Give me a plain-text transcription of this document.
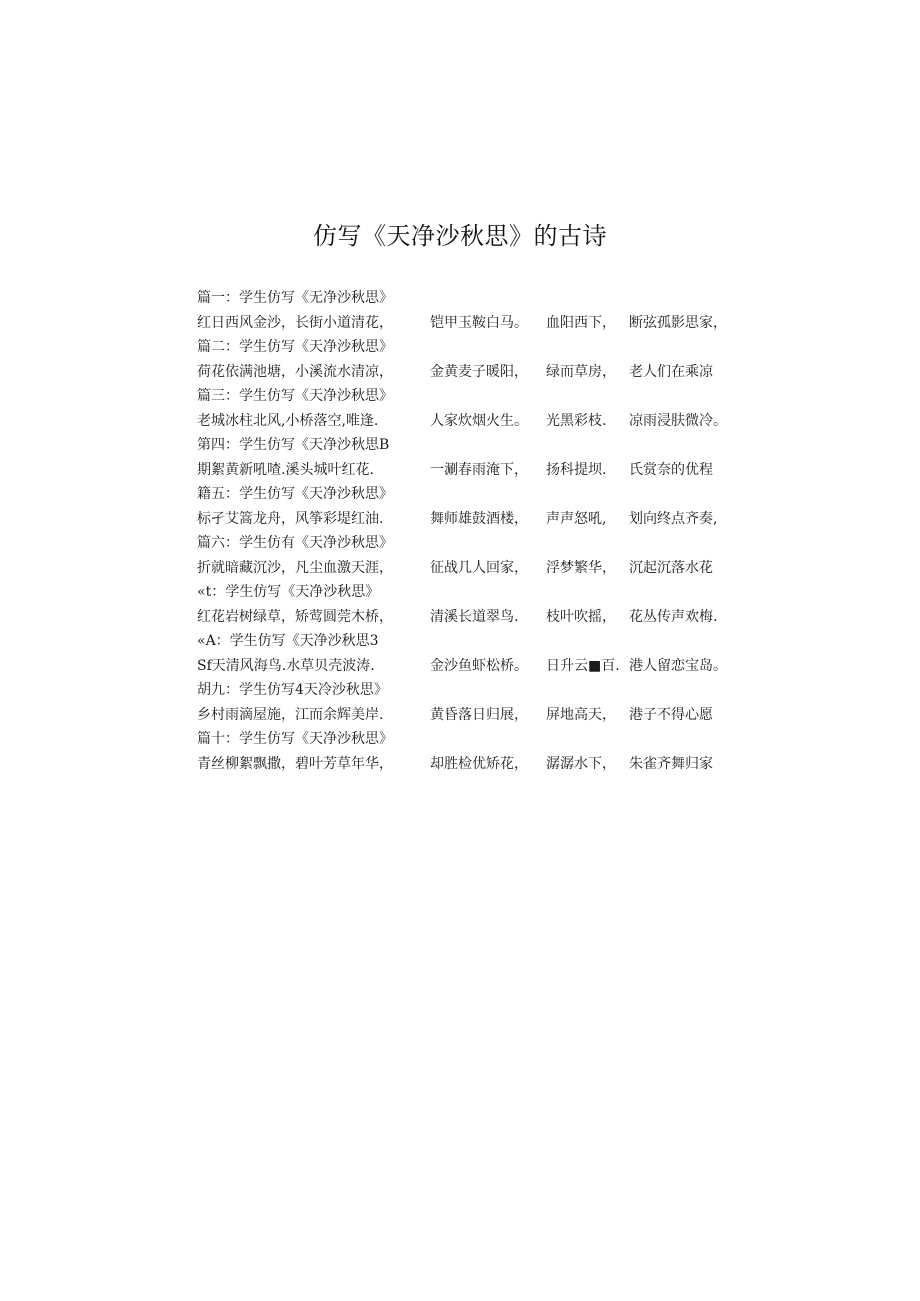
仿写《天净沙秋思》的古诗
篇一：学生仿写《无净沙秋思》
红日西风金沙，长街小道清花，	铠甲玉鞍白马。 血阳西下， 断弦孤影思家，
篇二：学生仿写《天净沙秋思》
荷花依满池塘，小溪流水清凉，	金黄麦子暖阳， 绿而草房， 老人们在乘凉
篇三：学生仿写《天净沙秋思》
老城冰柱北风,小桥落空,唯逢.	人家炊烟火生。 光黑彩枝. 凉雨浸肤微冷。
第四：学生仿写《天净沙秋思B
期絮黄新吼喳.溪头城叶红花.	一涮春雨淹下， 扬科提坝. 氏赏奈的优程
籍五：学生仿写《天净沙秋思》
标孑艾篙龙舟，风筝彩堤红油.	舞师雄鼓酒楼， 声声怒吼, 划向终点齐奏,
篇六：学生仿有《天净沙秋思》
折就暗藏沉沙，凡尘血激天涯，	征战几人回家， 浮梦繁华， 沉起沉落水花
«t：学生仿写《天净沙秋思》
红花岩树绿草，矫莺圆莞木桥，	清溪长道翠鸟. 枝叶吹摇， 花丛传声欢梅.
«A：学生仿写《天净沙秋思3
Sf天清风海鸟.水草贝壳波涛.	金沙鱼虾松桥。 日升云■百. 港人留恋宝岛。
胡九：学生仿写4天冷沙秋思》
乡村雨滴屋施，江而余辉美岸.	黄昏落日归展， 屏地高天， 港子不得心愿
篇十：学生仿写《天净沙秋思》
青丝柳絮飘撒，碧叶芳草年华，	却胜检优矫花， 潺潺水下， 朱雀齐舞归家
